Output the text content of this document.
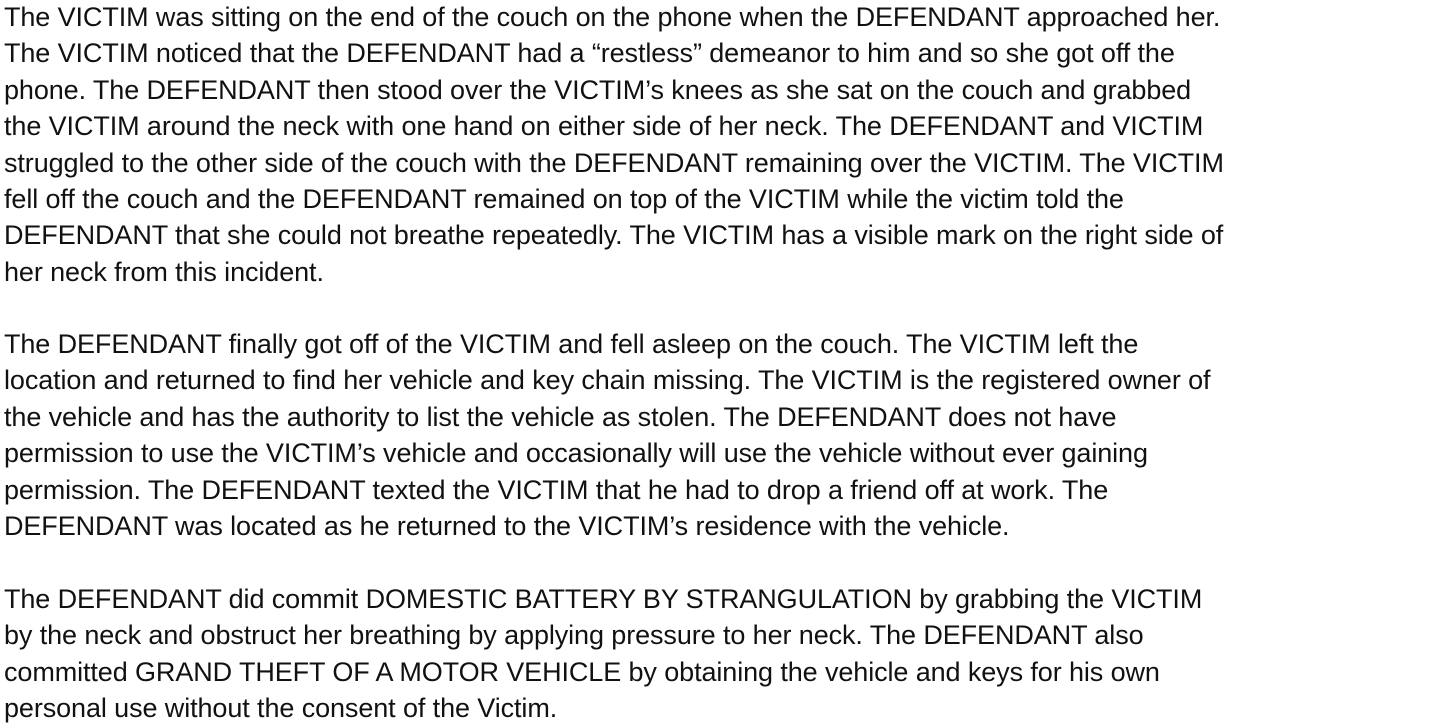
The VICTIM was sitting on the end of the couch on the phone when the DEFENDANT approached her.
The VICTIM noticed that the DEFENDANT had a “restless” demeanor to him and so she got off the
phone. The DEFENDANT then stood over the VICTIM’s knees as she sat on the couch and grabbed
the VICTIM around the neck with one hand on either side of her neck. The DEFENDANT and VICTIM
struggled to the other side of the couch with the DEFENDANT remaining over the VICTIM. The VICTIM
fell off the couch and the DEFENDANT remained on top of the VICTIM while the victim told the
DEFENDANT that she could not breathe repeatedly. The VICTIM has a visible mark on the right side of
her neck from this incident.
The DEFENDANT finally got off of the VICTIM and fell asleep on the couch. The VICTIM left the
location and returned to find her vehicle and key chain missing. The VICTIM is the registered owner of
the vehicle and has the authority to list the vehicle as stolen. The DEFENDANT does not have
permission to use the VICTIM’s vehicle and occasionally will use the vehicle without ever gaining
permission. The DEFENDANT texted the VICTIM that he had to drop a friend off at work. The
DEFENDANT was located as he returned to the VICTIM’s residence with the vehicle.
The DEFENDANT did commit DOMESTIC BATTERY BY STRANGULATION by grabbing the VICTIM
by the neck and obstruct her breathing by applying pressure to her neck. The DEFENDANT also
committed GRAND THEFT OF A MOTOR VEHICLE by obtaining the vehicle and keys for his own
personal use without the consent of the Victim.
